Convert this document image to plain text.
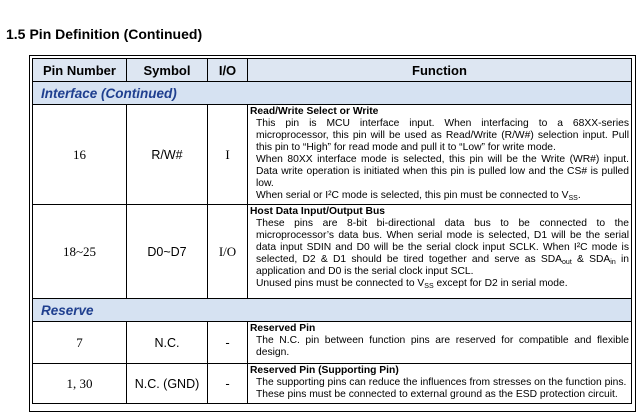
1.5 Pin Definition (Continued)
Pin Number	Symbol	I/O	Function
Interface (Continued)			
16	R/W#	I	Read/Write Select or Write
This pin is MCU interface input. When interfacing to a 68XX-series microprocessor, this pin will be used as Read/Write (R/W#) selection input. Pull this pin to “High” for read mode and pull it to “Low” for write mode.
When 80XX interface mode is selected, this pin will be the Write (WR#) input. Data write operation is initiated when this pin is pulled low and the CS# is pulled low.
When serial or I²C mode is selected, this pin must be connected to $V_{SS}$.

18~25	D0~D7	I/O	Host Data Input/Output Bus
These pins are 8-bit bi-directional data bus to be connected to the microprocessor’s data bus. When serial mode is selected, D1 will be the serial data input SDIN and D0 will be the serial clock input SCLK. When I²C mode is selected, D2 & D1 should be tired together and serve as $SDA_{out}$ & $SDA_{in}$ in application and D0 is the serial clock input SCL.
Unused pins must be connected to $V_{SS}$ except for D2 in serial mode.

Reserve			
7	N.C.	-	Reserved Pin
The N.C. pin between function pins are reserved for compatible and flexible design.

1, 30	N.C. (GND)	-	Reserved Pin (Supporting Pin)
The supporting pins can reduce the influences from stresses on the function pins.
These pins must be connected to external ground as the ESD protection circuit.
